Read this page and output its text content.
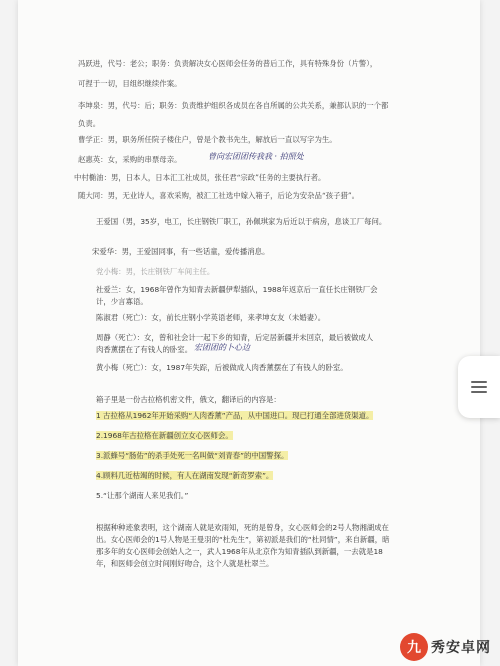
冯跃进，代号：老公；职务：负责解决女心医师会任务的普后工作，具有特殊身份（片警），
可捏于一切，目组织继续作案。
李坤泉：男，代号：后；职务：负责维护组织各成员在各自所属的公共关系，兼都认识的一个都
负责。
曹学正：男，职务所任院子楼住户，曾是个教书先生，解放后一直以写字为生。
赵惠英：女，采购的串票母亲。	曾向宏团团传我我 · 拍照处
中村椭油：男，日本人，日本汇工社成员，张任君“宗政”任务的主要执行者。
随大同：男，无业诗人，喜欢采购，被汇工社选中嫁入箱子，后论为安杂品“孩子猎”。
王爱国（男，35岁，电工，长庄钢铁厂职工，孙佩琪家为后近以于病房，息谈工厂每问。
宋爱华：男，王爱国同事，有一些话童，爱传播消息。
党小梅：男，长庄钢铁厂车间主任。
社爱兰：女，1968年曾作为知青去新疆伊犁插队，1988年返京后一直任长庄钢铁厂会
计，少言寡语。
陈淑君（死亡）：女，前长庄钢小学英语老师，来孝坤女友（未婚妻）。
周静（死亡）：女，曾和社会计一起下乡的知青，后定居新疆并未回京，最后被做成人
肉香薰摆在了有钱人的卧室。 宏团团的卜心边
黄小梅（死亡）：女，1987年失踪，后被做成人肉香薰摆在了有钱人的卧室。
箱子里是一份古拉格机密文件，俄文，翻译后的内容是：
1 古拉格从1962年开始采购“人肉香薰”产品，从中国进口。现已打通全部进货渠道。
2.1968年古拉格在新疆创立女心医师会。
3.派蜂号“肠佑”的杀手处死一名叫做“刘青春”的中国警探。
4.顾料几近枯竭的时候，有人在湖南发现“新奇罗索”。
5.“让那个湖南人来见我们。”
根据种种迹象表明，这个湖南人就是欢雨知，死的是曾身，女心医师会的2号人物湘湖成在
出。女心医师会的1号人物是王曼羽的“杜先生”，第初派是我们的“杜同情”，来自新疆，暗
那多年的女心医师会创始人之一，武人1968年从北京作为知青插队到新疆，一去就是18
年，和医师会创立时间刚好吻合，这个人就是杜翠兰。
九 秀安卓网
